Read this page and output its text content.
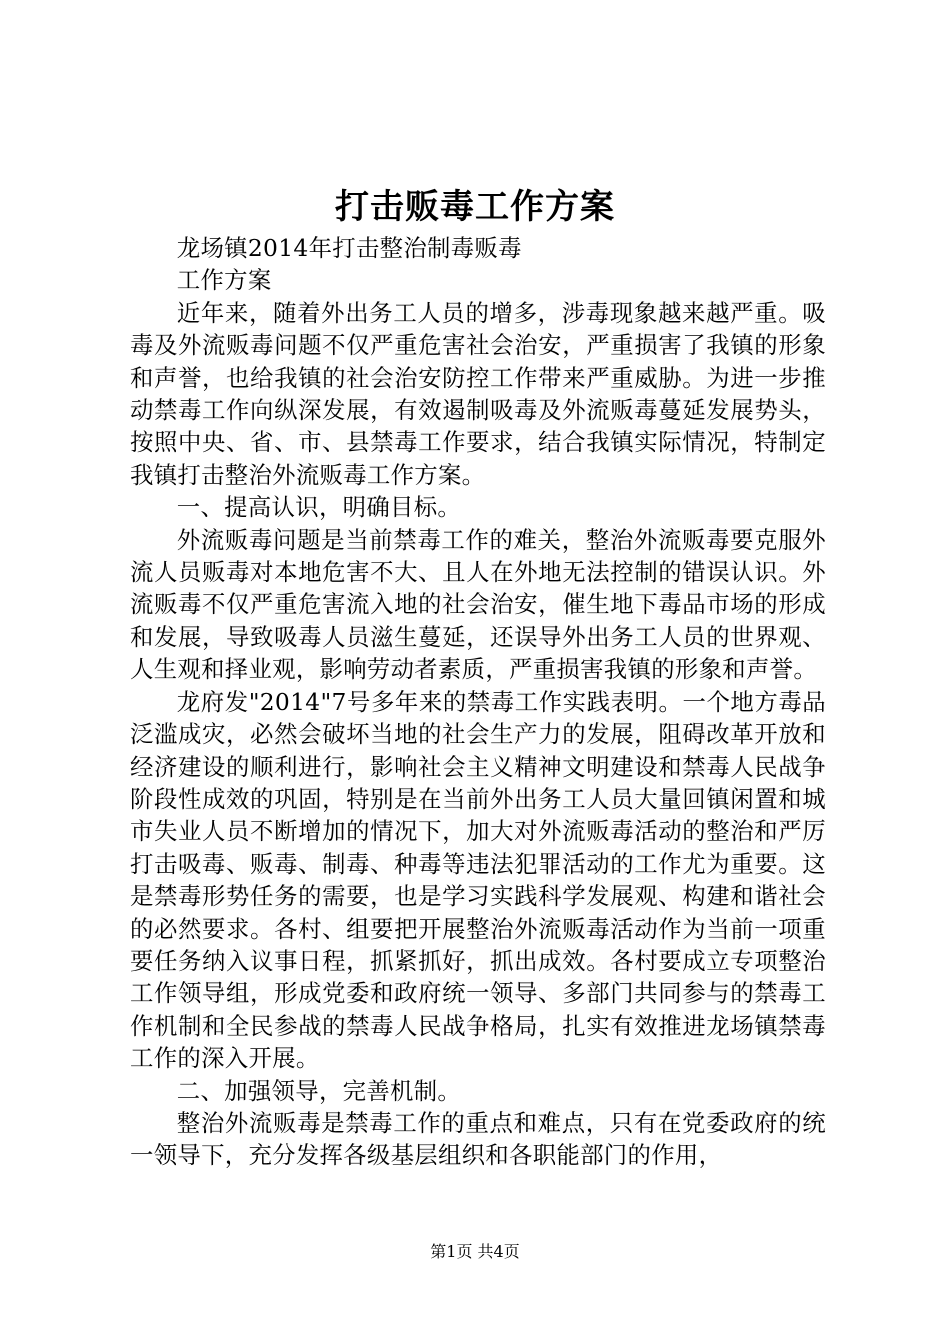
打击贩毒工作方案

龙场镇2014年打击整治制毒贩毒

工作方案

近年来，随着外出务工人员的增多，涉毒现象越来越严重。吸毒及外流贩毒问题不仅严重危害社会治安，严重损害了我镇的形象和声誉，也给我镇的社会治安防控工作带来严重威胁。为进一步推动禁毒工作向纵深发展，有效遏制吸毒及外流贩毒蔓延发展势头，按照中央、省、市、县禁毒工作要求，结合我镇实际情况，特制定我镇打击整治外流贩毒工作方案。

一、提高认识，明确目标。

外流贩毒问题是当前禁毒工作的难关，整治外流贩毒要克服外流人员贩毒对本地危害不大、且人在外地无法控制的错误认识。外流贩毒不仅严重危害流入地的社会治安，催生地下毒品市场的形成和发展，导致吸毒人员滋生蔓延，还误导外出务工人员的世界观、人生观和择业观，影响劳动者素质，严重损害我镇的形象和声誉。

龙府发"2014"7号多年来的禁毒工作实践表明。一个地方毒品泛滥成灾，必然会破坏当地的社会生产力的发展，阻碍改革开放和经济建设的顺利进行，影响社会主义精神文明建设和禁毒人民战争阶段性成效的巩固，特别是在当前外出务工人员大量回镇闲置和城市失业人员不断增加的情况下，加大对外流贩毒活动的整治和严厉打击吸毒、贩毒、制毒、种毒等违法犯罪活动的工作尤为重要。这是禁毒形势任务的需要，也是学习实践科学发展观、构建和谐社会的必然要求。各村、组要把开展整治外流贩毒活动作为当前一项重要任务纳入议事日程，抓紧抓好，抓出成效。各村要成立专项整治工作领导组，形成党委和政府统一领导、多部门共同参与的禁毒工作机制和全民参战的禁毒人民战争格局，扎实有效推进龙场镇禁毒工作的深入开展。

二、加强领导，完善机制。

整治外流贩毒是禁毒工作的重点和难点，只有在党委政府的统一领导下，充分发挥各级基层组织和各职能部门的作用，

第1页 共4页
